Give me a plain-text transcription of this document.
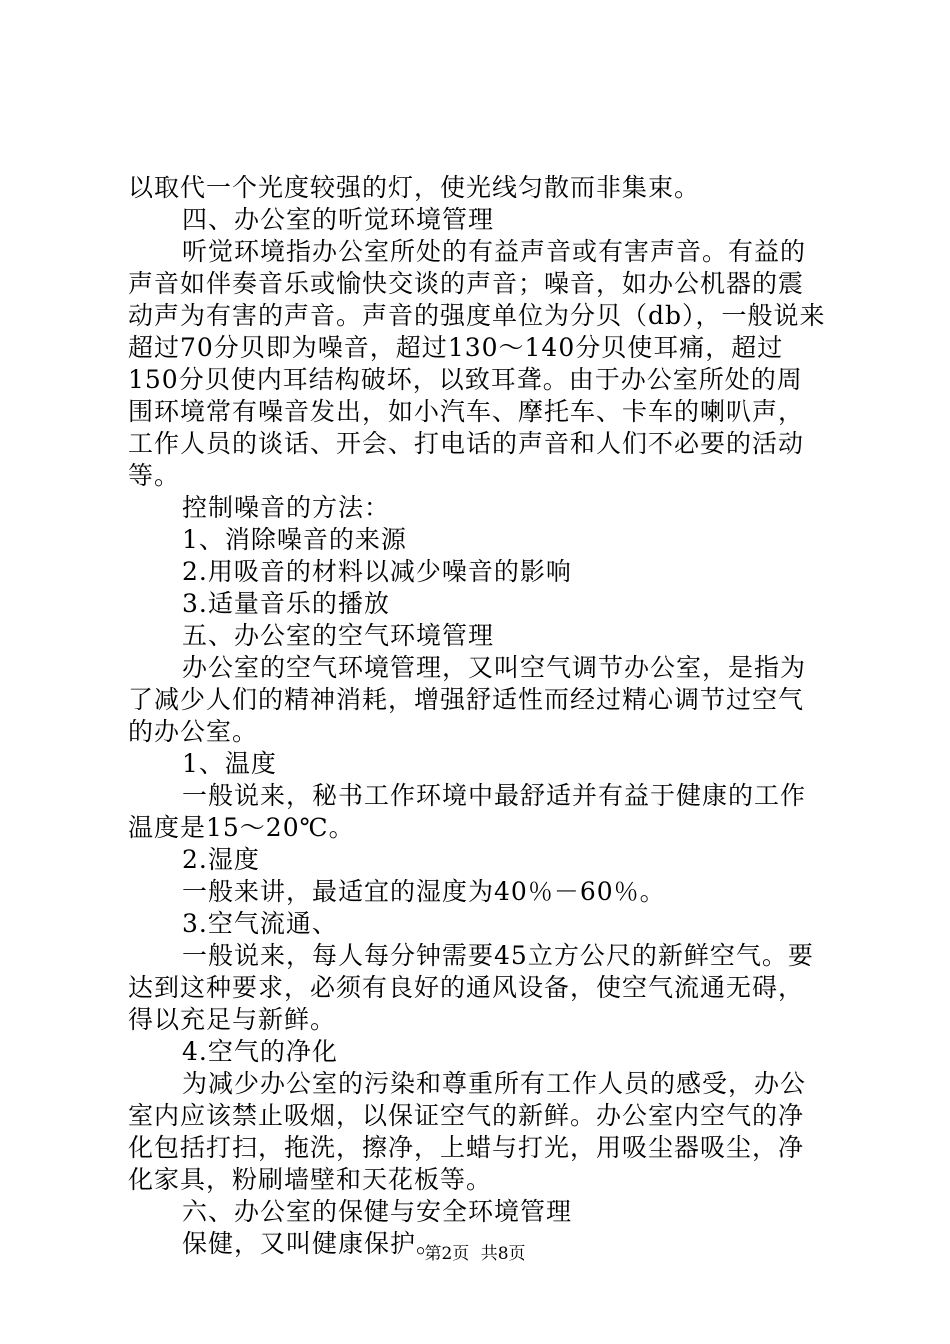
以取代一个光度较强的灯，使光线匀散而非集束。

四、办公室的听觉环境管理

听觉环境指办公室所处的有益声音或有害声音。有益的声音如伴奏音乐或愉快交谈的声音；噪音，如办公机器的震动声为有害的声音。声音的强度单位为分贝（db），一般说来超过70分贝即为噪音，超过130～140分贝使耳痛，超过150分贝使内耳结构破坏，以致耳聋。由于办公室所处的周围环境常有噪音发出，如小汽车、摩托车、卡车的喇叭声，工作人员的谈话、开会、打电话的声音和人们不必要的活动等。

控制噪音的方法：

1、消除噪音的来源

2.用吸音的材料以减少噪音的影响

3.适量音乐的播放

五、办公室的空气环境管理

办公室的空气环境管理，又叫空气调节办公室，是指为了减少人们的精神消耗，增强舒适性而经过精心调节过空气的办公室。

1、温度

一般说来，秘书工作环境中最舒适并有益于健康的工作温度是15～20℃。

2.湿度

一般来讲，最适宜的湿度为40％－60％。

3.空气流通、

一般说来，每人每分钟需要45立方公尺的新鲜空气。要达到这种要求，必须有良好的通风设备，使空气流通无碍，得以充足与新鲜。

4.空气的净化

为减少办公室的污染和尊重所有工作人员的感受，办公室内应该禁止吸烟，以保证空气的新鲜。办公室内空气的净化包括打扫，拖洗，擦净，上蜡与打光，用吸尘器吸尘，净化家具，粉刷墙壁和天花板等。

六、办公室的保健与安全环境管理

保健，又叫健康保护。

第2页 共8页
